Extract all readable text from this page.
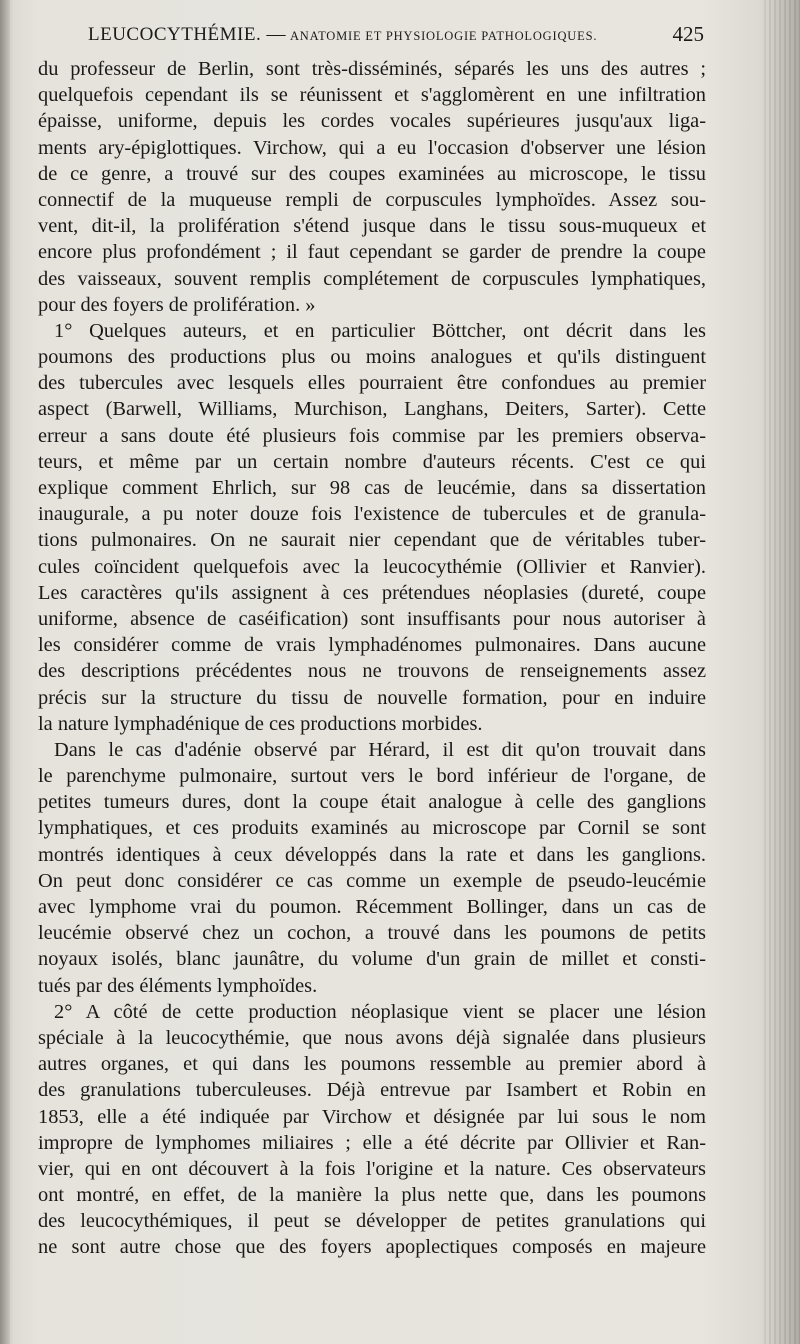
LEUCOCYTHÉMIE. — ANATOMIE ET PHYSIOLOGIE PATHOLOGIQUES.	425
du professeur de Berlin, sont très-disséminés, séparés les uns des autres ;
quelquefois cependant ils se réunissent et s'agglomèrent en une infiltration
épaisse, uniforme, depuis les cordes vocales supérieures jusqu'aux liga-
ments ary-épiglottiques. Virchow, qui a eu l'occasion d'observer une lésion
de ce genre, a trouvé sur des coupes examinées au microscope, le tissu
connectif de la muqueuse rempli de corpuscules lymphoïdes. Assez sou-
vent, dit-il, la prolifération s'étend jusque dans le tissu sous-muqueux et
encore plus profondément ; il faut cependant se garder de prendre la coupe
des vaisseaux, souvent remplis complétement de corpuscules lymphatiques,
pour des foyers de prolifération. »
1° Quelques auteurs, et en particulier Böttcher, ont décrit dans les
poumons des productions plus ou moins analogues et qu'ils distinguent
des tubercules avec lesquels elles pourraient être confondues au premier
aspect (Barwell, Williams, Murchison, Langhans, Deiters, Sarter). Cette
erreur a sans doute été plusieurs fois commise par les premiers observa-
teurs, et même par un certain nombre d'auteurs récents. C'est ce qui
explique comment Ehrlich, sur 98 cas de leucémie, dans sa dissertation
inaugurale, a pu noter douze fois l'existence de tubercules et de granula-
tions pulmonaires. On ne saurait nier cependant que de véritables tuber-
cules coïncident quelquefois avec la leucocythémie (Ollivier et Ranvier).
Les caractères qu'ils assignent à ces prétendues néoplasies (dureté, coupe
uniforme, absence de caséification) sont insuffisants pour nous autoriser à
les considérer comme de vrais lymphadénomes pulmonaires. Dans aucune
des descriptions précédentes nous ne trouvons de renseignements assez
précis sur la structure du tissu de nouvelle formation, pour en induire
la nature lymphadénique de ces productions morbides.
Dans le cas d'adénie observé par Hérard, il est dit qu'on trouvait dans
le parenchyme pulmonaire, surtout vers le bord inférieur de l'organe, de
petites tumeurs dures, dont la coupe était analogue à celle des ganglions
lymphatiques, et ces produits examinés au microscope par Cornil se sont
montrés identiques à ceux développés dans la rate et dans les ganglions.
On peut donc considérer ce cas comme un exemple de pseudo-leucémie
avec lymphome vrai du poumon. Récemment Bollinger, dans un cas de
leucémie observé chez un cochon, a trouvé dans les poumons de petits
noyaux isolés, blanc jaunâtre, du volume d'un grain de millet et consti-
tués par des éléments lymphoïdes.
2° A côté de cette production néoplasique vient se placer une lésion
spéciale à la leucocythémie, que nous avons déjà signalée dans plusieurs
autres organes, et qui dans les poumons ressemble au premier abord à
des granulations tuberculeuses. Déjà entrevue par Isambert et Robin en
1853, elle a été indiquée par Virchow et désignée par lui sous le nom
impropre de lymphomes miliaires ; elle a été décrite par Ollivier et Ran-
vier, qui en ont découvert à la fois l'origine et la nature. Ces observateurs
ont montré, en effet, de la manière la plus nette que, dans les poumons
des leucocythémiques, il peut se développer de petites granulations qui
ne sont autre chose que des foyers apoplectiques composés en majeure
